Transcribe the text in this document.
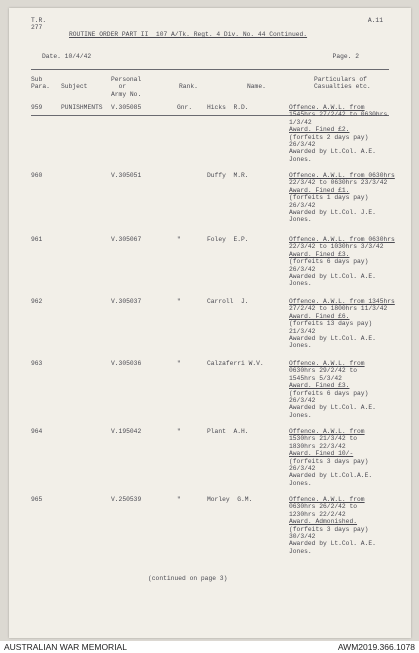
T.R.
277
A.11
ROUTINE ORDER PART II  107 A/Tk. Regt. 4 Div. No. 44 Continued.
Date. 10/4/42	Page. 2
Sub
Para. Subject
Personal
or
Army No.
Rank.	Name.
Particulars of
Casualties etc.
959	PUNISHMENTS V.305085	Gnr. Hicks  R.D.	Offence. A.W.L. from
1545hrs 27/2/42 to 0630hrs
1/3/42
Award. Fined £2.
(forfeits 2 days pay)
26/3/42
Awarded by Lt.Col. A.E.
Jones.
960	V.305051	Duffy  M.R.	Offence. A.W.L. from 0630hrs
22/3/42 to 0630hrs 23/3/42
Award. Fined £1.
(forfeits 1 days pay)
26/3/42
Awarded by Lt.Col. J.E.
Jones.
961	V.305067	"	Foley  E.P.	Offence. A.W.L. from 0630hrs
22/3/42 to 1030hrs 3/3/42
Award. Fined £3.
(forfeits 6 days pay)
26/3/42
Awarded by Lt.Col. A.E.
Jones.
962	V.305037	"	Carroll  J.	Offence. A.W.L. from 1345hrs
27/2/42 to 1800hrs 11/3/42
Award. Fined £6.
(forfeits 13 days pay)
21/3/42
Awarded by Lt.Col. A.E.
Jones.
963	V.305036	"	Calzaferri W.V.	Offence. A.W.L. from
0630hrs 29/2/42 to
1545hrs 5/3/42
Award. Fined £3.
(forfeits 6 days pay)
26/3/42
Awarded by Lt.Col. A.E.
Jones.
964	V.195042	"	Plant  A.H.	Offence. A.W.L. from
1530hrs 21/3/42 to
1830hrs 22/3/42
Award. Fined 10/-
(forfeits 3 days pay)
26/3/42
Awarded by Lt.Col.A.E.
Jones.
965	V.250539	"	Morley  G.M.	Offence. A.W.L. from
0630hrs 26/2/42 to
1230hrs 22/2/42
Award. Admonished.
(forfeits 3 days pay)
30/3/42
Awarded by Lt.Col. A.E.
Jones.
(continued on page 3)
AUSTRALIAN WAR MEMORIAL	AWM2019.366.1078
